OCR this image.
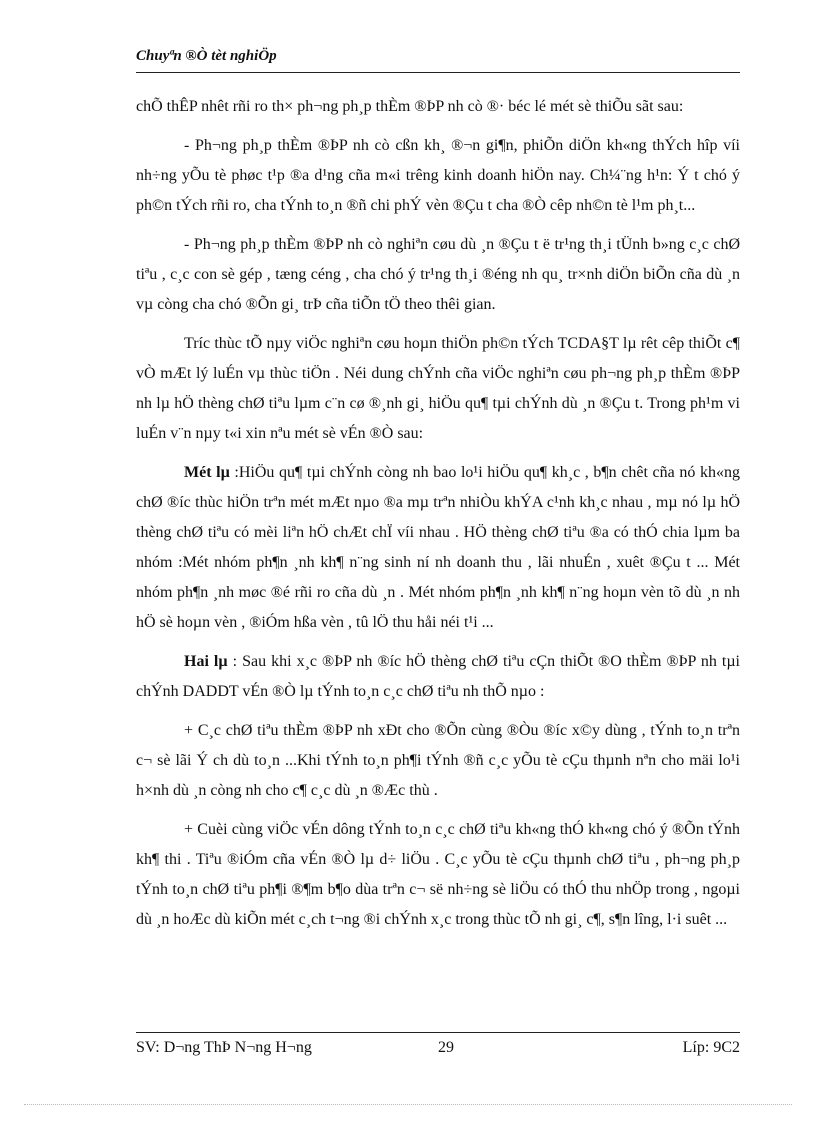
Chuyªn ®Ò tèt nghiÖp

chÕ thÊP nhêt rñi ro th× ph¬ng ph¸p thÈm ®ÞP nh cò ®· béc lé mét sè thiÕu sãt sau:

- Ph¬ng ph¸p thÈm ®ÞP nh cò cßn kh¸ ®¬n gi¶n, phiÕn diÖn kh«ng thÝch hîp víi nh÷ng yÕu tè phøc t¹p ®a d¹ng cña m«i trêng kinh doanh hiÖn nay. Ch¼¨ng h¹n: Ý t chó ý ph©n tÝch rñi ro, cha tÝnh to¸n ®ñ chi phÝ vèn ®Çu t cha ®Ò cêp nh©n tè l¹m ph¸t...

- Ph¬ng ph¸p thÈm ®ÞP nh cò nghiªn cøu dù ¸n ®Çu t ë tr¹ng th¸i tÜnh b»ng c¸c chØ tiªu , c¸c con sè gép , tæng céng , cha chó ý tr¹ng th¸i ®éng nh qu¸ tr×nh diÖn biÕn cña dù ¸n vµ còng cha chó ®Õn gi¸ trÞ cña tiÕn tÖ theo thêi gian.

Tríc thùc tÕ nµy viÖc nghiªn cøu hoµn thiÖn ph©n tÝch TCDA§T lµ rêt cêp thiÕt c¶ vÒ mÆt lý luÉn vµ thùc tiÖn . Néi dung chÝnh cña viÖc nghiªn cøu ph¬ng ph¸p thÈm ®ÞP nh lµ hÖ thèng chØ tiªu lµm c¨n cø ®¸nh gi¸ hiÖu qu¶ tµi chÝnh dù ¸n ®Çu t. Trong ph¹m vi luÉn v¨n nµy t«i xin nªu mét sè vÉn ®Ò sau:

Mét lµ :HiÖu qu¶ tµi chÝnh còng nh bao lo¹i hiÖu qu¶ kh¸c , b¶n chêt cña nó kh«ng chØ ®íc thùc hiÖn trªn mét mÆt nµo ®a mµ trªn nhiÒu khÝA c¹nh kh¸c nhau , mµ nó lµ hÖ thèng chØ tiªu có mèi liªn hÖ chÆt chÏ víi nhau . HÖ thèng chØ tiªu ®a có thÓ chia lµm ba nhóm :Mét nhóm ph¶n ¸nh kh¶ n¨ng sinh ní nh doanh thu , lãi nhuÉn , xuêt ®Çu t ... Mét nhóm ph¶n ¸nh møc ®é rñi ro cña dù ¸n . Mét nhóm ph¶n ¸nh kh¶ n¨ng hoµn vèn tõ dù ¸n nh hÖ sè hoµn vèn , ®iÓm hßa vèn , tû lÖ thu håi néi t¹i ...

Hai lµ : Sau khi x¸c ®ÞP nh ®íc hÖ thèng chØ tiªu cÇn thiÕt ®O thÈm ®ÞP nh tµi chÝnh DADDT vÉn ®Ò lµ tÝnh to¸n c¸c chØ tiªu nh thÕ nµo :

+ C¸c chØ tiªu thÈm ®ÞP nh xÐt cho ®Õn cùng ®Òu ®íc x©y dùng , tÝnh to¸n trªn c¬ sè lãi Ý ch dù to¸n ...Khi tÝnh to¸n ph¶i tÝnh ®ñ c¸c yÕu tè cÇu thµnh nªn cho mäi lo¹i h×nh dù ¸n còng nh cho c¶ c¸c dù ¸n ®Æc thù .

+ Cuèi cùng viÖc vÉn dông tÝnh to¸n c¸c chØ tiªu kh«ng thÓ kh«ng chó ý ®Õn tÝnh kh¶ thi . Tiªu ®iÓm cña vÉn ®Ò lµ d÷ liÖu . C¸c yÕu tè cÇu thµnh chØ tiªu , ph¬ng ph¸p tÝnh to¸n chØ tiªu ph¶i ®¶m b¶o dùa trªn c¬ së nh÷ng sè liÖu có thÓ thu nhÖp trong , ngoµi dù ¸n hoÆc dù kiÕn mét c¸ch t¬ng ®i chÝnh x¸c trong thùc tÕ nh gi¸ c¶, s¶n lîng, l·i suêt ...

SV: D¬ng ThÞ N¬ng H¬ng	29	Líp: 9C2
